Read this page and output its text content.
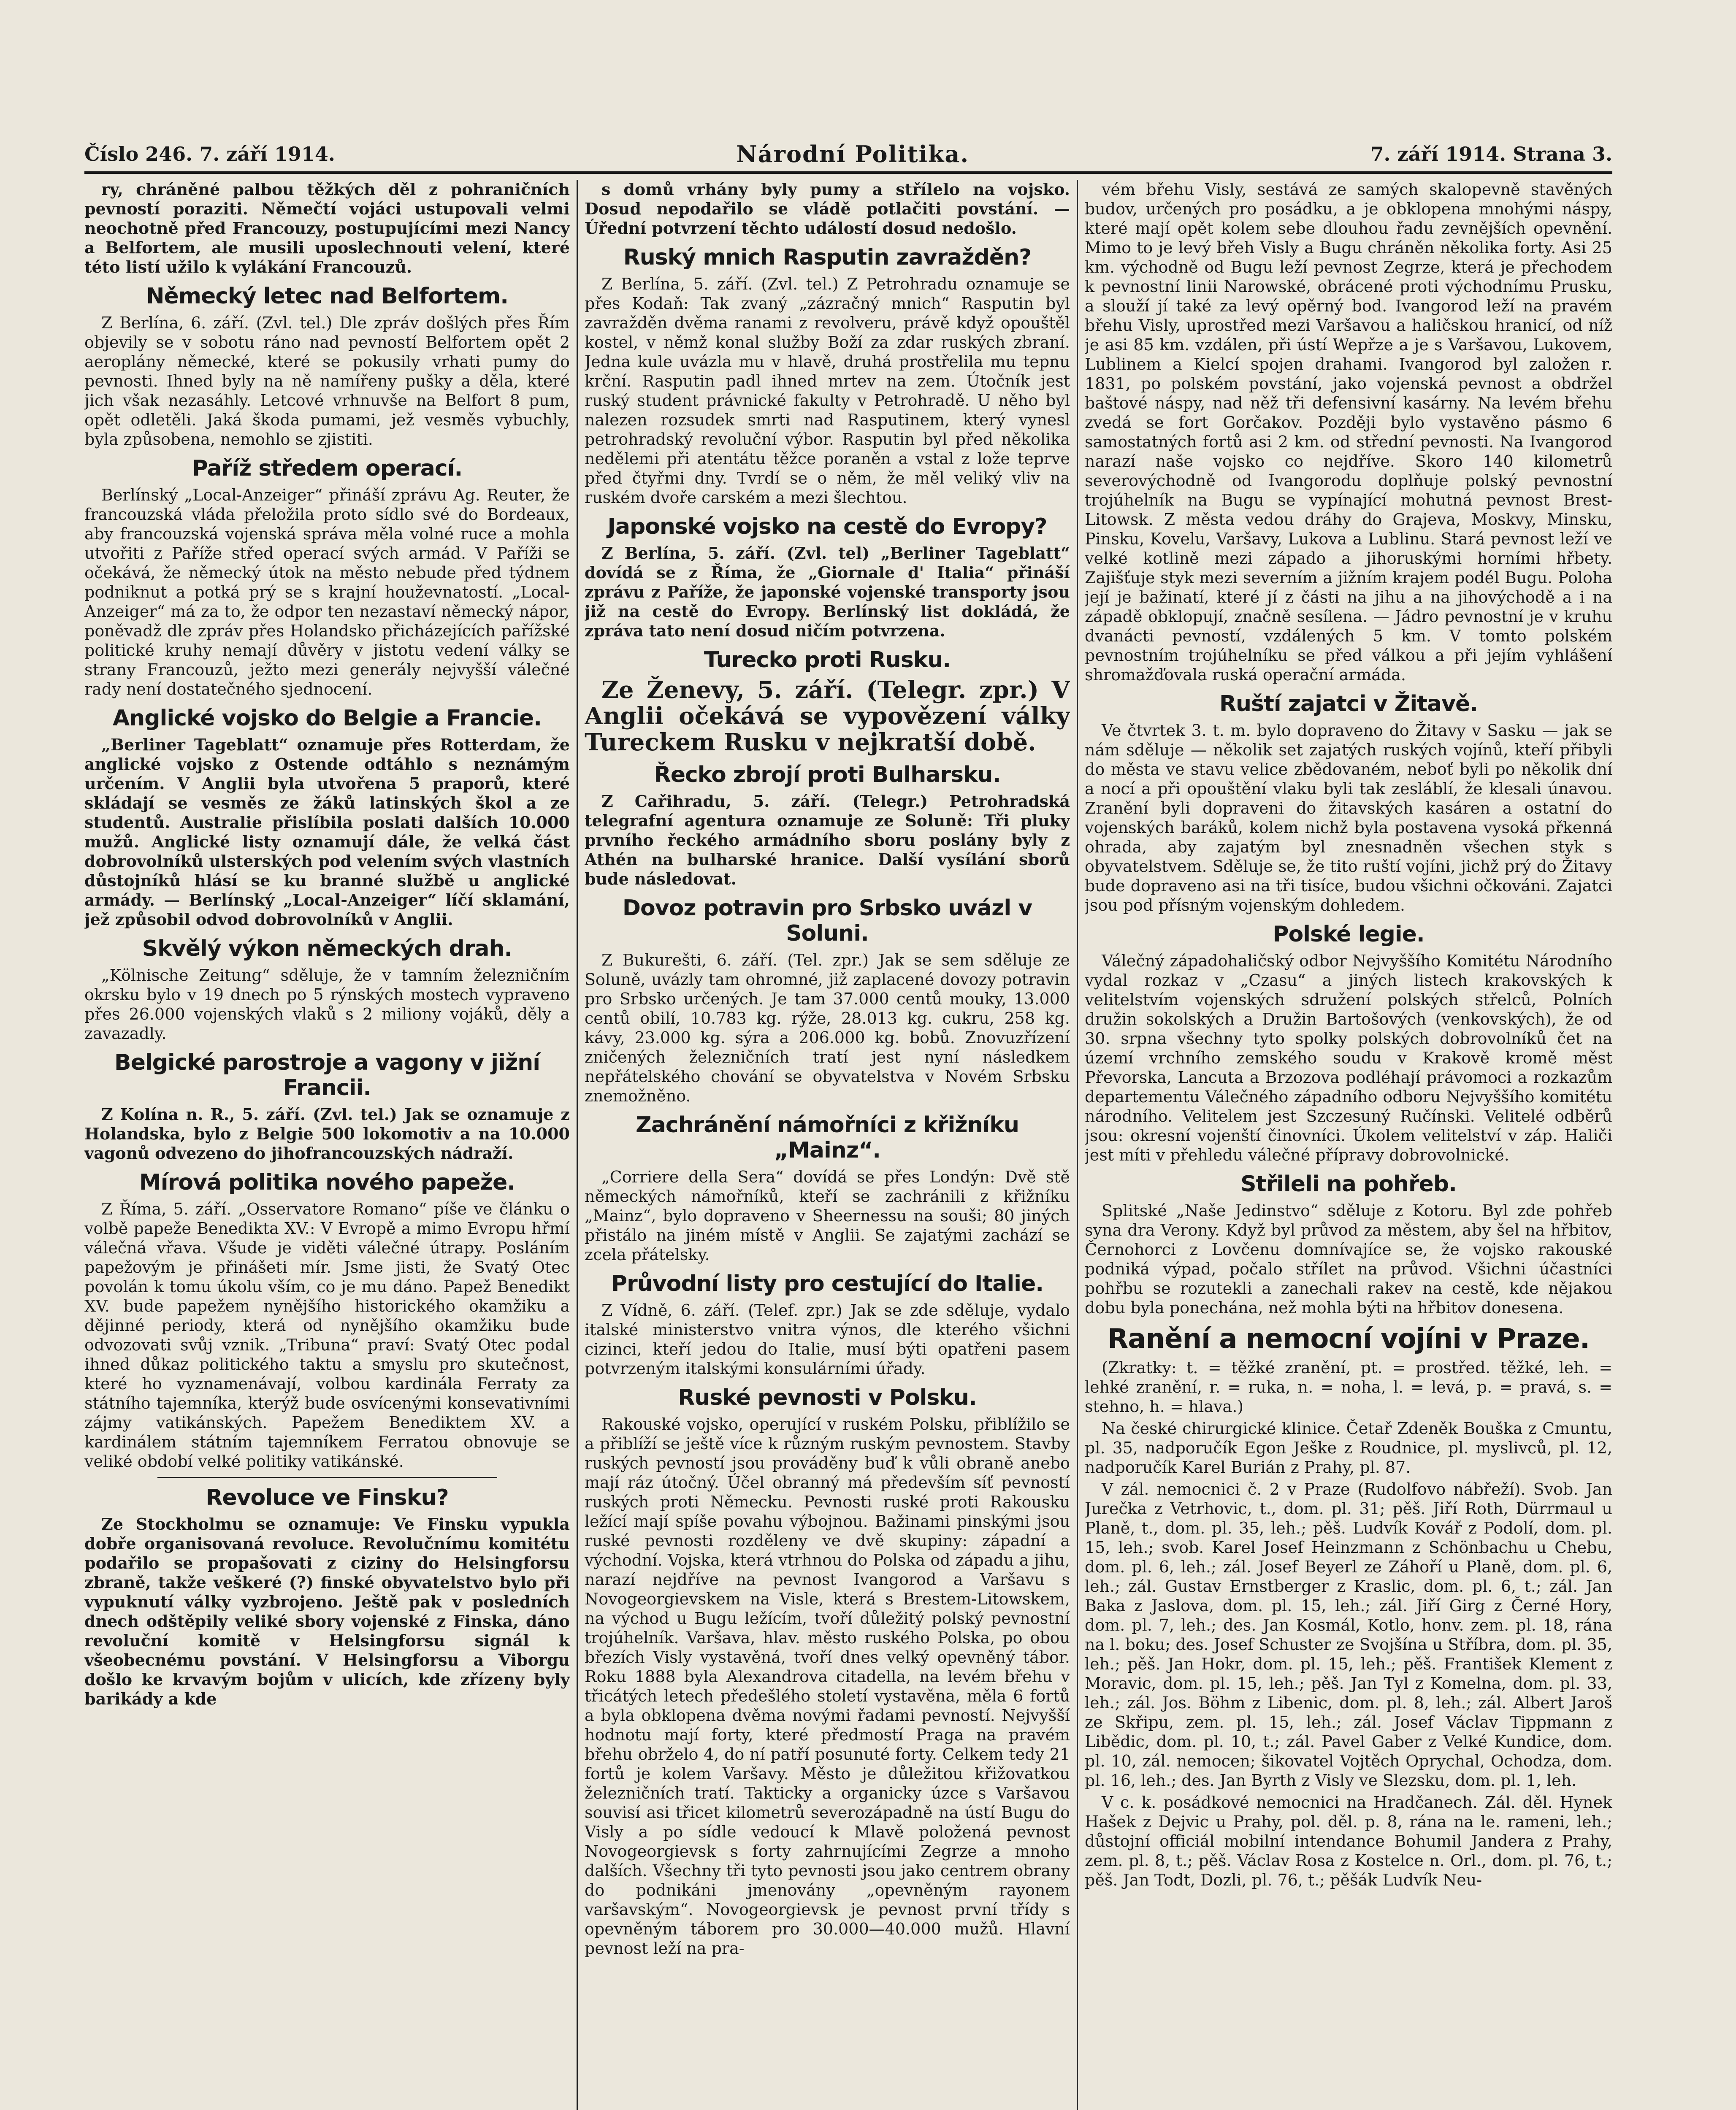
Číslo 246. 7. září 1914.	Národní Politika.	7. září 1914. Strana 3.

ry, chráněné palbou těžkých děl z pohraničních pevností poraziti. Němečtí vojáci ustupovali velmi neochotně před Francouzy, postupujícími mezi Nancy a Belfortem, ale musili uposlechnouti velení, které této listí užilo k vylákání Francouzů.

Německý letec nad Belfortem.

Z Berlína, 6. září. (Zvl. tel.) Dle zpráv došlých přes Řím objevily se v sobotu ráno nad pevností Belfortem opět 2 aeroplány německé, které se pokusily vrhati pumy do pevnosti. Ihned byly na ně namířeny pušky a děla, které jich však nezasáhly. Letcové vrhnuvše na Belfort 8 pum, opět odletěli. Jaká škoda pumami, jež vesměs vybuchly, byla způsobena, nemohlo se zjistiti.

Paříž středem operací.

Berlínský „Local-Anzeiger“ přináší zprávu Ag. Reuter, že francouzská vláda přeložila proto sídlo své do Bordeaux, aby francouzská vojenská správa měla volné ruce a mohla utvořiti z Paříže střed operací svých armád. V Paříži se očekává, že německý útok na město nebude před týdnem podniknut a potká prý se s krajní houževnatostí. „Local-Anzeiger“ má za to, že odpor ten nezastaví německý nápor, poněvadž dle zpráv přes Holandsko přicházejících pařížské politické kruhy nemají důvěry v jistotu vedení války se strany Francouzů, ježto mezi generály nejvyšší válečné rady není dostatečného sjednocení.

Anglické vojsko do Belgie a Francie.

„Berliner Tageblatt“ oznamuje přes Rotterdam, že anglické vojsko z Ostende odtáhlo s neznámým určením. V Anglii byla utvořena 5 praporů, které skládají se vesměs ze žáků latinských škol a ze studentů. Australie přislíbila poslati dalších 10.000 mužů. Anglické listy oznamují dále, že velká část dobrovolníků ulsterských pod velením svých vlastních důstojníků hlásí se ku branné službě u anglické armády. — Berlínský „Local-Anzeiger“ líčí sklamání, jež způsobil odvod dobrovolníků v Anglii.

Skvělý výkon německých drah.

„Kölnische Zeitung“ sděluje, že v tamním železničním okrsku bylo v 19 dnech po 5 rýnských mostech vypraveno přes 26.000 vojenských vlaků s 2 miliony vojáků, děly a zavazadly.

Belgické parostroje a vagony v jižní Francii.

Z Kolína n. R., 5. září. (Zvl. tel.) Jak se oznamuje z Holandska, bylo z Belgie 500 lokomotiv a na 10.000 vagonů odvezeno do jihofrancouzských nádraží.

Mírová politika nového papeže.

Z Říma, 5. září. „Osservatore Romano“ píše ve článku o volbě papeže Benedikta XV.: V Evropě a mimo Evropu hřmí válečná vřava. Všude je viděti válečné útrapy. Posláním papežovým je přinášeti mír. Jsme jisti, že Svatý Otec povolán k tomu úkolu vším, co je mu dáno. Papež Benedikt XV. bude papežem nynějšího historického okamžiku a dějinné periody, která od nynějšího okamžiku bude odvozovati svůj vznik. „Tribuna“ praví: Svatý Otec podal ihned důkaz politického taktu a smyslu pro skutečnost, které ho vyznamenávají, volbou kardinála Ferraty za státního tajemníka, kterýž bude osvícenými konsevativními zájmy vatikánských. Papežem Benediktem XV. a kardinálem státním tajemníkem Ferratou obnovuje se veliké období velké politiky vatikánské.

Revoluce ve Finsku?

Ze Stockholmu se oznamuje: Ve Finsku vypukla dobře organisovaná revoluce. Revolučnímu komitétu podařilo se propašovati z ciziny do Helsingforsu zbraně, takže veškeré (?) finské obyvatelstvo bylo při vypuknutí války vyzbrojeno. Ještě pak v posledních dnech odštěpily veliké sbory vojenské z Finska, dáno revoluční komitě v Helsingforsu signál k všeobecnému povstání. V Helsingforsu a Viborgu došlo ke krvavým bojům v ulicích, kde zřízeny byly barikády a kde

s domů vrhány byly pumy a střílelo na vojsko. Dosud nepodařilo se vládě potlačiti povstání. — Úřední potvrzení těchto událostí dosud nedošlo.

Ruský mnich Rasputin zavražděn?

Z Berlína, 5. září. (Zvl. tel.) Z Petrohradu oznamuje se přes Kodaň: Tak zvaný „zázračný mnich“ Rasputin byl zavražděn dvěma ranami z revolveru, právě když opouštěl kostel, v němž konal služby Boží za zdar ruských zbraní. Jedna kule uvázla mu v hlavě, druhá prostřelila mu tepnu krční. Rasputin padl ihned mrtev na zem. Útočník jest ruský student právnické fakulty v Petrohradě. U něho byl nalezen rozsudek smrti nad Rasputinem, který vynesl petrohradský revoluční výbor. Rasputin byl před několika nedělemi při atentátu těžce poraněn a vstal z lože teprve před čtyřmi dny. Tvrdí se o něm, že měl veliký vliv na ruském dvoře carském a mezi šlechtou.

Japonské vojsko na cestě do Evropy?

Z Berlína, 5. září. (Zvl. tel) „Berliner Tageblatt“ dovídá se z Říma, že „Giornale d' Italia“ přináší zprávu z Paříže, že japonské vojenské transporty jsou již na cestě do Evropy. Berlínský list dokládá, že zpráva tato není dosud ničím potvrzena.

Turecko proti Rusku.

Ze Ženevy, 5. září. (Telegr. zpr.) V Anglii očekává se vypovězení války Tureckem Rusku v nejkratší době.

Řecko zbrojí proti Bulharsku.

Z Cařihradu, 5. září. (Telegr.) Petrohradská telegrafní agentura oznamuje ze Soluně: Tři pluky prvního řeckého armádního sboru poslány byly z Athén na bulharské hranice. Další vysílání sborů bude následovat.

Dovoz potravin pro Srbsko uvázl v Soluni.

Z Bukurešti, 6. září. (Tel. zpr.) Jak se sem sděluje ze Soluně, uvázly tam ohromné, již zaplacené dovozy potravin pro Srbsko určených. Je tam 37.000 centů mouky, 13.000 centů obilí, 10.783 kg. rýže, 28.013 kg. cukru, 258 kg. kávy, 23.000 kg. sýra a 206.000 kg. bobů. Znovuzřízení zničených železničních tratí jest nyní následkem nepřátelského chování se obyvatelstva v Novém Srbsku znemožněno.

Zachránění námořníci z křižníku „Mainz“.

„Corriere della Sera“ dovídá se přes Londýn: Dvě stě německých námořníků, kteří se zachránili z křižníku „Mainz“, bylo dopraveno v Sheernessu na souši; 80 jiných přistálo na jiném místě v Anglii. Se zajatými zachází se zcela přátelsky.

Průvodní listy pro cestující do Italie.

Z Vídně, 6. září. (Telef. zpr.) Jak se zde sděluje, vydalo italské ministerstvo vnitra výnos, dle kterého všichni cizinci, kteří jedou do Italie, musí býti opatřeni pasem potvrzeným italskými konsulárními úřady.

Ruské pevnosti v Polsku.

Rakouské vojsko, operující v ruském Polsku, přiblížilo se a přiblíží se ještě více k různým ruským pevnostem. Stavby ruských pevností jsou prováděny buď k vůli obraně anebo mají ráz útočný. Účel obranný má především síť pevností ruských proti Německu. Pevnosti ruské proti Rakousku ležící mají spíše povahu výbojnou. Bažinami pinskými jsou ruské pevnosti rozděleny ve dvě skupiny: západní a východní. Vojska, která vtrhnou do Polska od západu a jihu, narazí nejdříve na pevnost Ivangorod a Varšavu s Novogeorgievskem na Visle, která s Brestem-Litowskem, na východ u Bugu ležícím, tvoří důležitý polský pevnostní trojúhelník. Varšava, hlav. město ruského Polska, po obou březích Visly vystavěná, tvoří dnes velký opevněný tábor. Roku 1888 byla Alexandrova citadella, na levém břehu v třicátých letech předešlého století vystavěna, měla 6 fortů a byla obklopena dvěma novými řadami pevností. Nejvyšší hodnotu mají forty, které předmostí Praga na pravém břehu obrželo 4, do ní patří posunuté forty. Celkem tedy 21 fortů je kolem Varšavy. Město je důležitou křižovatkou železničních tratí. Takticky a organicky úzce s Varšavou souvisí asi třicet kilometrů severozápadně na ústí Bugu do Visly a po sídle vedoucí k Mlavě položená pevnost Novogeorgievsk s forty zahrnujícími Zegrze a mnoho dalších. Všechny tři tyto pevnosti jsou jako centrem obrany do podnikáni jmenovány „opevněným rayonem varšavským“. Novogeorgievsk je pevnost první třídy s opevněným táborem pro 30.000—40.000 mužů. Hlavní pevnost leží na pra-

vém břehu Visly, sestává ze samých skalopevně stavěných budov, určených pro posádku, a je obklopena mnohými náspy, které mají opět kolem sebe dlouhou řadu zevnějších opevnění. Mimo to je levý břeh Visly a Bugu chráněn několika forty. Asi 25 km. východně od Bugu leží pevnost Zegrze, která je přechodem k pevnostní linii Narowské, obrácené proti východnímu Prusku, a slouží jí také za levý opěrný bod. Ivangorod leží na pravém břehu Visly, uprostřed mezi Varšavou a haličskou hranicí, od níž je asi 85 km. vzdálen, při ústí Wepřze a je s Varšavou, Lukovem, Lublinem a Kielcí spojen drahami. Ivangorod byl založen r. 1831, po polském povstání, jako vojenská pevnost a obdržel baštové náspy, nad něž tři defensivní kasárny. Na levém břehu zvedá se fort Gorčakov. Později bylo vystavěno pásmo 6 samostatných fortů asi 2 km. od střední pevnosti. Na Ivangorod narazí naše vojsko co nejdříve. Skoro 140 kilometrů severovýchodně od Ivangorodu doplňuje polský pevnostní trojúhelník na Bugu se vypínající mohutná pevnost Brest-Litowsk. Z města vedou dráhy do Grajeva, Moskvy, Minsku, Pinsku, Kovelu, Varšavy, Lukova a Lublinu. Stará pevnost leží ve velké kotlině mezi západo a jihoruskými horními hřbety. Zajišťuje styk mezi severním a jižním krajem podél Bugu. Poloha její je bažinatí, které jí z části na jihu a na jihovýchodě a i na západě obklopují, značně sesílena. — Jádro pevnostní je v kruhu dvanácti pevností, vzdálených 5 km. V tomto polském pevnostním trojúhelníku se před válkou a při jejím vyhlášení shromažďovala ruská operační armáda.

Ruští zajatci v Žitavě.

Ve čtvrtek 3. t. m. bylo dopraveno do Žitavy v Sasku — jak se nám sděluje — několik set zajatých ruských vojínů, kteří přibyli do města ve stavu velice zbědovaném, neboť byli po několik dní a nocí a při opouštění vlaku byli tak zesláblí, že klesali únavou. Zranění byli dopraveni do žitavských kasáren a ostatní do vojenských baráků, kolem nichž byla postavena vysoká přkenná ohrada, aby zajatým byl znesnadněn všechen styk s obyvatelstvem. Sděluje se, že tito ruští vojíni, jichž prý do Žitavy bude dopraveno asi na tři tisíce, budou všichni očkováni. Zajatci jsou pod přísným vojenským dohledem.

Polské legie.

Válečný západohaličský odbor Nejvyššího Komitétu Národního vydal rozkaz v „Czasu“ a jiných listech krakovských k velitelstvím vojenských sdružení polských střelců, Polních družin sokolských a Družin Bartošových (venkovských), že od 30. srpna všechny tyto spolky polských dobrovolníků čet na území vrchního zemského soudu v Krakově kromě měst Převorska, Lancuta a Brzozova podléhají právomoci a rozkazům departementu Válečného západního odboru Nejvyššího komitétu národního. Velitelem jest Szczesuný Ručínski. Velitelé odběrů jsou: okresní vojenští činovníci. Úkolem velitelství v záp. Haliči jest míti v přehledu válečné přípravy dobrovolnické.

Střileli na pohřeb.

Splitské „Naše Jedinstvo“ sděluje z Kotoru. Byl zde pohřeb syna dra Verony. Když byl průvod za městem, aby šel na hřbitov, Černohorci z Lovčenu domnívajíce se, že vojsko rakouské podniká výpad, počalo střílet na průvod. Všichni účastníci pohřbu se rozutekli a zanechali rakev na cestě, kde nějakou dobu byla ponechána, než mohla býti na hřbitov donesena.

Ranění a nemocní vojíni v Praze.

(Zkratky: t. = těžké zranění, pt. = prostřed. těžké, leh. = lehké zranění, r. = ruka, n. = noha, l. = levá, p. = pravá, s. = stehno, h. = hlava.)

Na české chirurgické klinice. Četař Zdeněk Bouška z Cmuntu, pl. 35, nadporučík Egon Ješke z Roudnice, pl. myslivců, pl. 12, nadporučík Karel Burián z Prahy, pl. 87.

V zál. nemocnici č. 2 v Praze (Rudolfovo nábřeží). Svob. Jan Jurečka z Vetrhovic, t., dom. pl. 31; pěš. Jiří Roth, Dürrmaul u Planě, t., dom. pl. 35, leh.; pěš. Ludvík Kovář z Podolí, dom. pl. 15, leh.; svob. Karel Josef Heinzmann z Schönbachu u Chebu, dom. pl. 6, leh.; zál. Josef Beyerl ze Záhoří u Planě, dom. pl. 6, leh.; zál. Gustav Ernstberger z Kraslic, dom. pl. 6, t.; zál. Jan Baka z Jaslova, dom. pl. 15, leh.; zál. Jiří Girg z Černé Hory, dom. pl. 7, leh.; des. Jan Kosmál, Kotlo, honv. zem. pl. 18, rána na l. boku; des. Josef Schuster ze Svojšína u Stříbra, dom. pl. 35, leh.; pěš. Jan Hokr, dom. pl. 15, leh.; pěš. František Klement z Moravic, dom. pl. 15, leh.; pěš. Jan Tyl z Komelna, dom. pl. 33, leh.; zál. Jos. Böhm z Libenic, dom. pl. 8, leh.; zál. Albert Jaroš ze Skřipu, zem. pl. 15, leh.; zál. Josef Václav Tippmann z Libědic, dom. pl. 10, t.; zál. Pavel Gaber z Velké Kundice, dom. pl. 10, zál. nemocen; šikovatel Vojtěch Oprychal, Ochodza, dom. pl. 16, leh.; des. Jan Byrth z Visly ve Slezsku, dom. pl. 1, leh.

V c. k. posádkové nemocnici na Hradčanech. Zál. děl. Hynek Hašek z Dejvic u Prahy, pol. děl. p. 8, rána na le. rameni, leh.; důstojní officiál mobilní intendance Bohumil Jandera z Prahy, zem. pl. 8, t.; pěš. Václav Rosa z Kostelce n. Orl., dom. pl. 76, t.; pěš. Jan Todt, Dozli, pl. 76, t.; pěšák Ludvík Neu-
